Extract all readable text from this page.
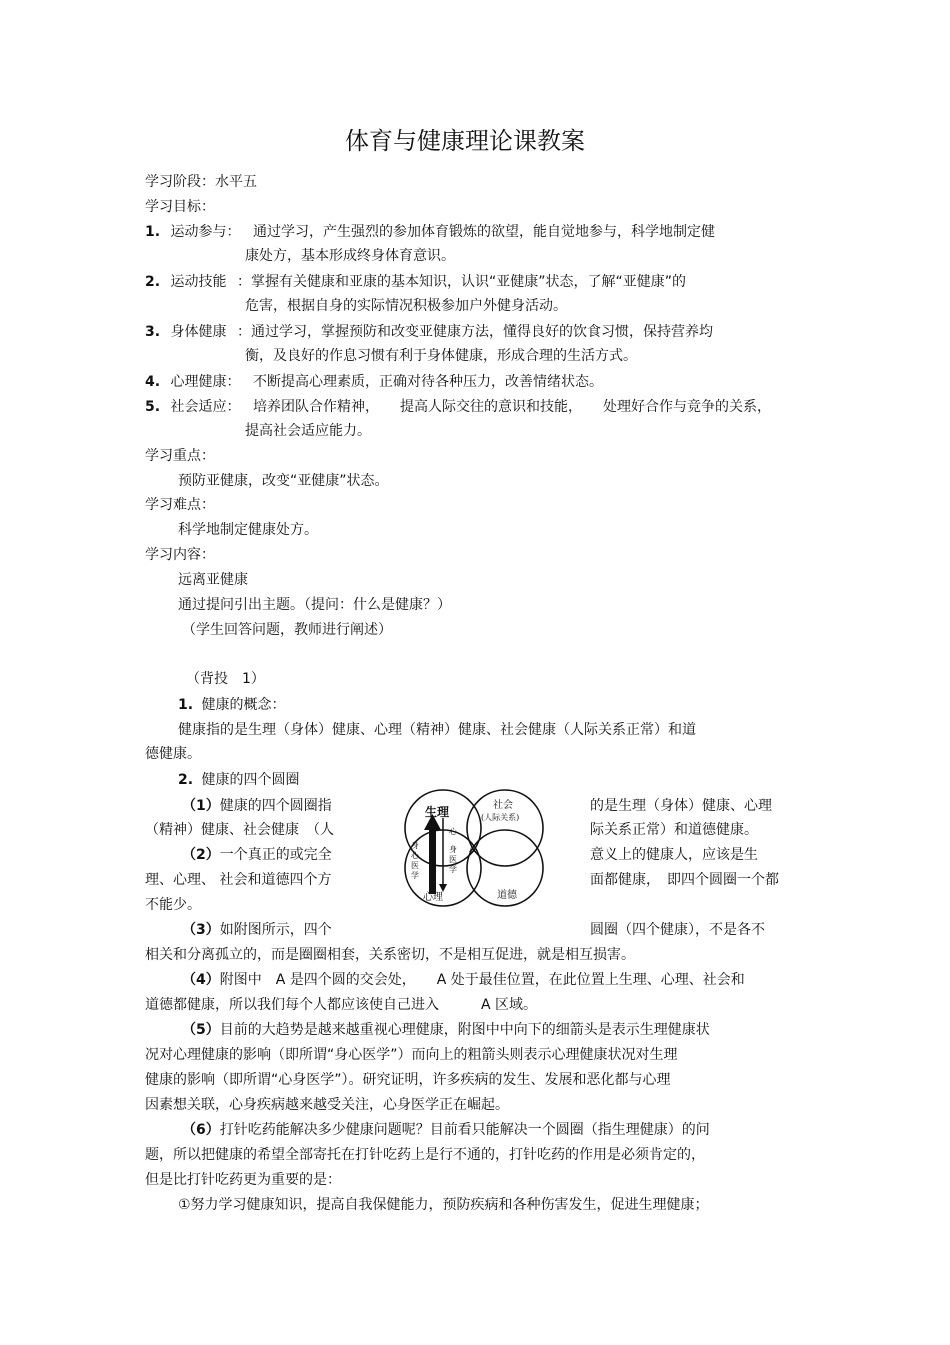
体育与健康理论课教案
学习阶段：水平五
学习目标：
1. 运动参与： 通过学习，产生强烈的参加体育锻炼的欲望，能自觉地参与，科学地制定健
康处方，基本形成终身体育意识。
2. 运动技能 ：掌握有关健康和亚康的基本知识，认识“亚健康”状态，了解“亚健康”的
危害，根据自身的实际情况积极参加户外健身活动。
3. 身体健康 ：通过学习，掌握预防和改变亚健康方法，懂得良好的饮食习惯，保持营养均
衡，及良好的作息习惯有利于身体健康，形成合理的生活方式。
4. 心理健康： 不断提高心理素质，正确对待各种压力，改善情绪状态。
5. 社会适应： 培养团队合作精神，　　提高人际交往的意识和技能，　　处理好合作与竞争的关系，
提高社会适应能力。
学习重点：
预防亚健康，改变“亚健康”状态。
学习难点：
科学地制定健康处方。
学习内容：
远离亚健康
通过提问引出主题。（提问：什么是健康？）
（学生回答问题，教师进行阐述）
（背投　1）
1. 健康的概念：
健康指的是生理（身体）健康、心理（精神）健康、社会健康（人际关系正常）和道
德健康。
2. 健康的四个圆圈
（1）健康的四个圆圈指	的是生理（身体）健康、心理
（精神）健康、社会健康　（人	际关系正常）和道德健康。
（2）一个真正的或完全	意义上的健康人，应该是生
理、心理、 社会和道德四个方	面都健康，　即四个圆圈一个都
不能少。
（3）如附图所示，四个	圆圈（四个健康），不是各不
相关和分离孤立的，而是圈圈相套，关系密切，不是相互促进，就是相互损害。
（4）附图中　A 是四个圆的交会处，　　A 处于最佳位置，在此位置上生理、心理、社会和
道德都健康，所以我们每个人都应该使自己进入　　　A 区域。
（5）目前的大趋势是越来越重视心理健康，附图中中向下的细箭头是表示生理健康状
况对心理健康的影响（即所谓“身心医学”）而向上的粗箭头则表示心理健康状况对生理
健康的影响（即所谓“心身医学”）。研究证明，许多疾病的发生、发展和恶化都与心理
因素想关联，心身疾病越来越受关注，心身医学正在崛起。
（6）打针吃药能解决多少健康问题呢？目前看只能解决一个圆圈（指生理健康）的问
题，所以把健康的希望全部寄托在打针吃药上是行不通的，打针吃药的作用是必须肯定的，
但是比打针吃药更为重要的是：
①努力学习健康知识，提高自我保健能力，预防疾病和各种伤害发生，促进生理健康；
生理	社会
(人际关系)
心理	道德
身
心
医
学
心
身
医
学
A
